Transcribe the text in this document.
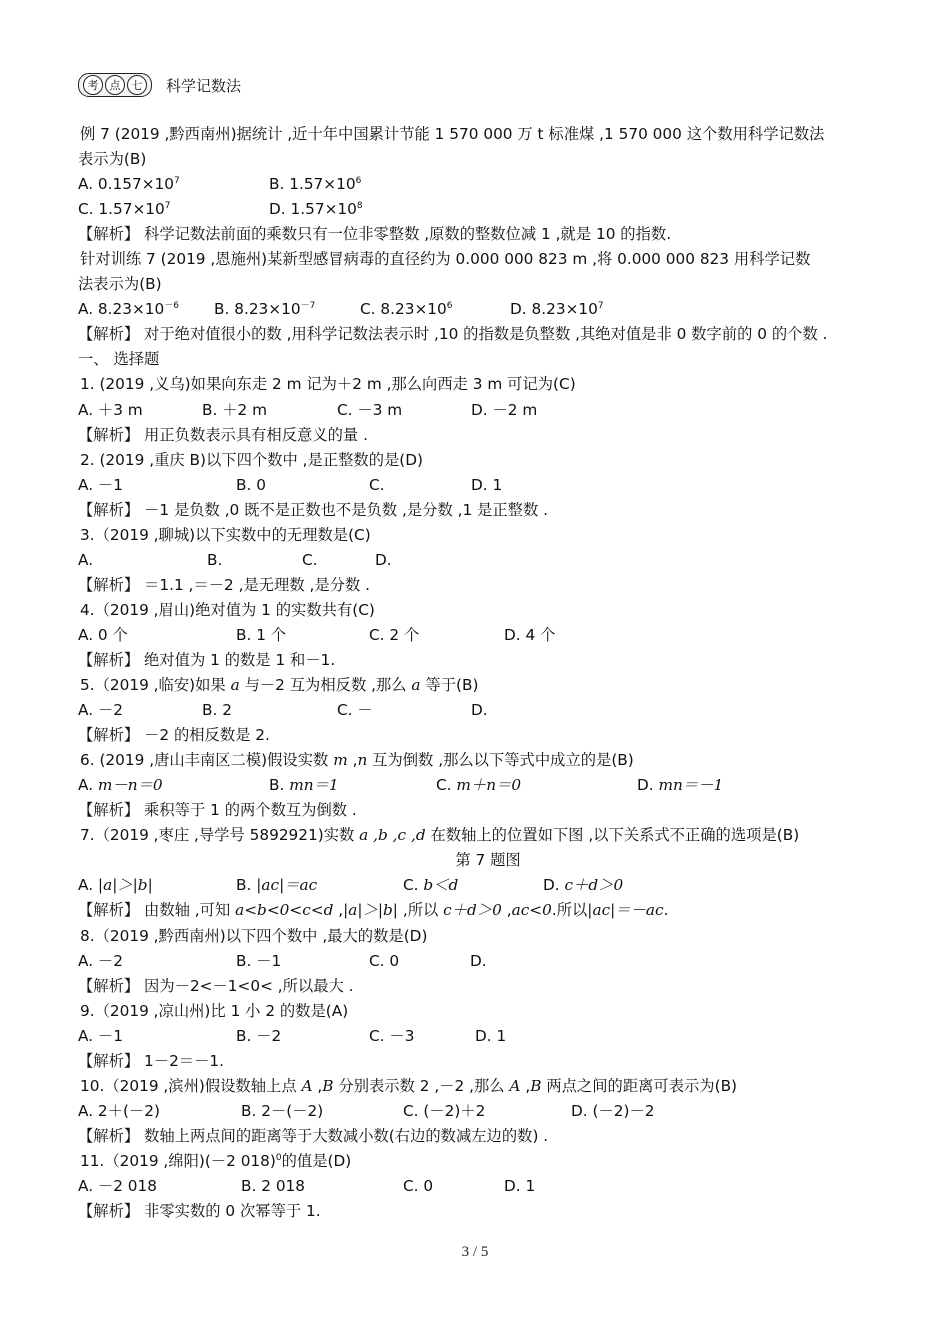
考	点	七	科学记数法
例 7 (2019 ,黔西南州)据统计 ,近十年中国累计节能 1 570 000 万 t 标准煤 ,1 570 000 这个数用科学记数法
表示为(B)
A. $0.157\times 10^7$	B. $1.57\times 10^6$
C. $1.57\times 10^7$	D. $1.57\times 10^8$
【解析】 科学记数法前面的乘数只有一位非零整数 ,原数的整数位减 1 ,就是 10 的指数.
针对训练 7 (2019 ,恩施州)某新型感冒病毒的直径约为 0.000 000 823 m ,将 0.000 000 823 用科学记数
法表示为(B)
A. $8.23\times 10^{-6}$ B. $8.23\times 10^{-7}$	C. $8.23\times 10^6$	D. $8.23\times 10^7$
【解析】 对于绝对值很小的数 ,用科学记数法表示时 ,10 的指数是负整数 ,其绝对值是非 0 数字前的 0 的个数 .
一、 选择题
1. (2019 ,义乌)如果向东走 2 m 记为＋2 m ,那么向西走 3 m 可记为(C)
A. ＋3 m	B. ＋2 m	C. －3 m	D. －2 m
【解析】 用正负数表示具有相反意义的量 .
2. (2019 ,重庆 B)以下四个数中 ,是正整数的是(D)
A. －1	B. 0	C.	D. 1
【解析】 －1 是负数 ,0 既不是正数也不是负数 ,是分数 ,1 是正整数 .
3.（2019 ,聊城)以下实数中的无理数是(C)
A.	B.	C.	D.
【解析】 ＝1.1 ,＝－2 ,是无理数 ,是分数 .
4.（2019 ,眉山)绝对值为 1 的实数共有(C)
A. 0 个	B. 1 个	C. 2 个	D. 4 个
【解析】 绝对值为 1 的数是 1 和－1.
5.（2019 ,临安)如果 a 与－2 互为相反数 ,那么 a 等于(B)
A. －2	B. 2	C. －	D.
【解析】 －2 的相反数是 2.
6. (2019 ,唐山丰南区二模)假设实数 m ,n 互为倒数 ,那么以下等式中成立的是(B)
A. m－n＝0	B. mn＝1	C. m＋n＝0	D. mn＝－1
【解析】 乘积等于 1 的两个数互为倒数 .
7.（2019 ,枣庄 ,导学号 5892921)实数 a ,b ,c ,d 在数轴上的位置如下图 ,以下关系式不正确的选项是(B)
第 7 题图
A. |a|＞|b|	B. |ac|＝ac	C. b＜d	D. c＋d＞0
【解析】 由数轴 ,可知 a<b<0<c<d ,|a|＞|b| ,所以 c＋d＞0 ,ac<0.所以|ac|＝－ac.
8.（2019 ,黔西南州)以下四个数中 ,最大的数是(D)
A. －2	B. －1	C. 0	D.
【解析】 因为－2<－1<0< ,所以最大 .
9.（2019 ,凉山州)比 1 小 2 的数是(A)
A. －1	B. －2	C. －3	D. 1
【解析】 1－2＝－1.
10.（2019 ,滨州)假设数轴上点 A ,B 分别表示数 2 ,－2 ,那么 A ,B 两点之间的距离可表示为(B)
A. 2＋(－2)	B. 2－(－2)	C. (－2)＋2	D. (－2)－2
【解析】 数轴上两点间的距离等于大数减小数(右边的数减左边的数) .
11.（2019 ,绵阳)(－2 018)$^0$的值是(D)
A. －2 018	B. 2 018	C. 0	D. 1
【解析】 非零实数的 0 次幂等于 1.
3 / 5
